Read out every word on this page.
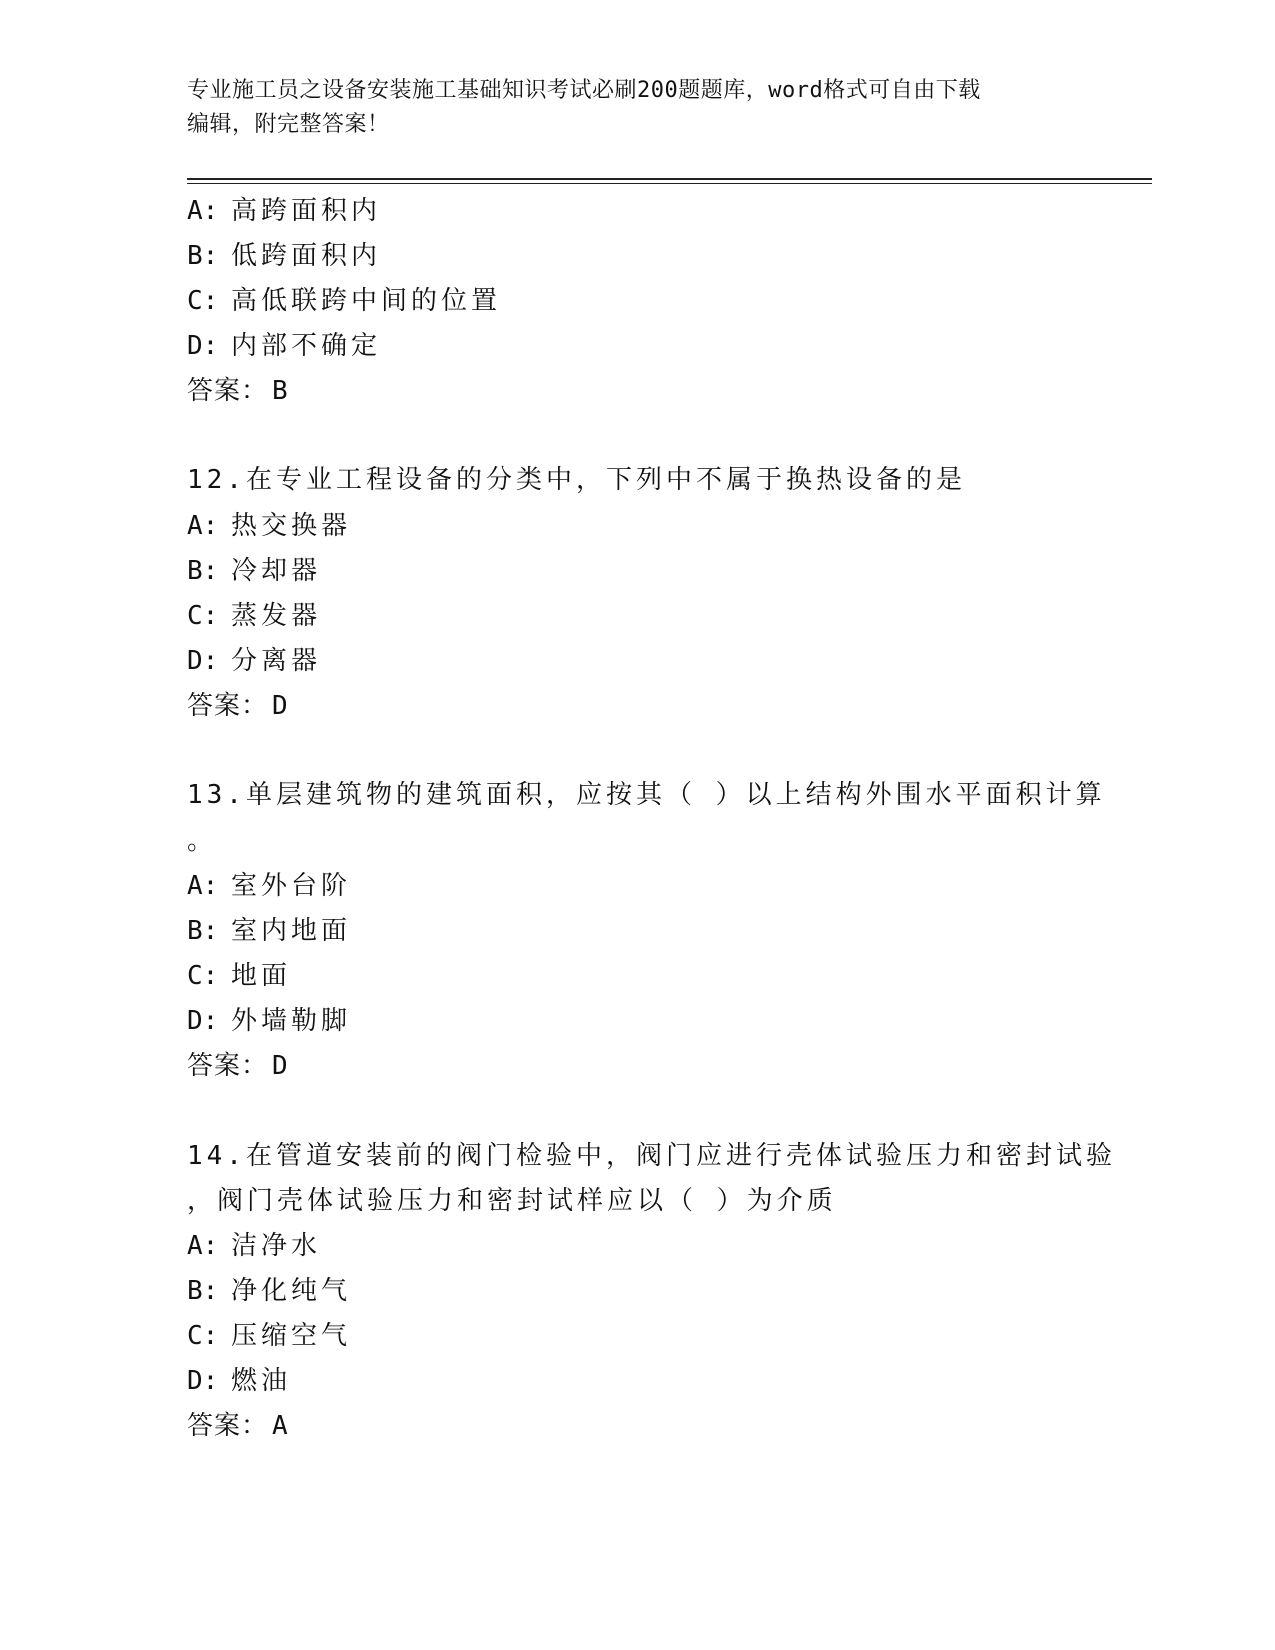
专业施工员之设备安装施工基础知识考试必刷200题题库，word格式可自由下载
编辑，附完整答案！
A: 高跨面积内
B: 低跨面积内
C: 高低联跨中间的位置
D: 内部不确定
答案： B
12.在专业工程设备的分类中，下列中不属于换热设备的是
A: 热交换器
B: 冷却器
C: 蒸发器
D: 分离器
答案： D
13.单层建筑物的建筑面积，应按其（ ）以上结构外围水平面积计算
。
A: 室外台阶
B: 室内地面
C: 地面
D: 外墙勒脚
答案： D
14.在管道安装前的阀门检验中，阀门应进行壳体试验压力和密封试验
，阀门壳体试验压力和密封试样应以（ ）为介质
A: 洁净水
B: 净化纯气
C: 压缩空气
D: 燃油
答案： A
